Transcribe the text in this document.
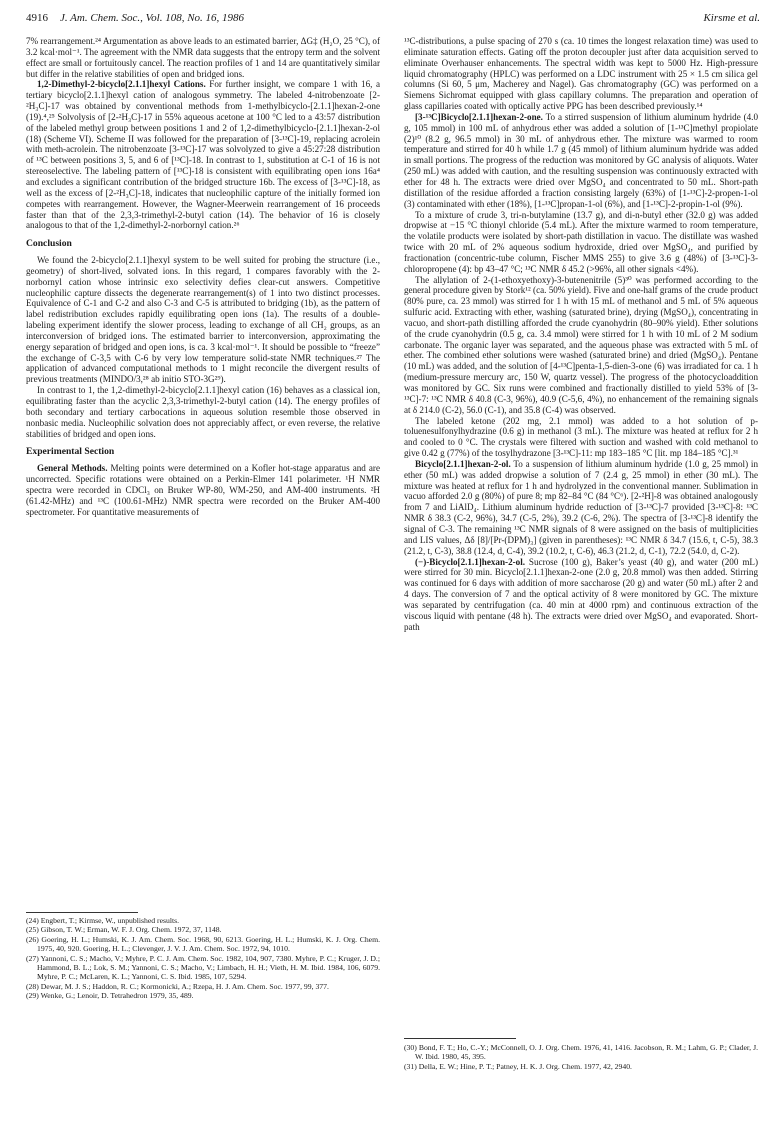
4916 J. Am. Chem. Soc., Vol. 108, No. 16, 1986	Kirsme et al.

7% rearrangement.²⁴ Argumentation as above leads to an estimated barrier, ΔG‡ (H₂O, 25 °C), of 3.2 kcal·mol⁻¹. The agreement with the NMR data suggests that the entropy term and the solvent effect are small or fortuitously cancel. The reaction profiles of 1 and 14 are quantitatively similar but differ in the relative stabilities of open and bridged ions.

1,2-Dimethyl-2-bicyclo[2.1.1]hexyl Cations. For further insight, we compare 1 with 16, a tertiary bicyclo[2.1.1]hexyl cation of analogous symmetry. The labeled 4-nitrobenzoate [2-²H₃C]-17 was obtained by conventional methods from 1-methylbicyclo-[2.1.1]hexan-2-one (19).⁴,²⁵ Solvolysis of [2-²H₃C]-17 in 55% aqueous acetone at 100 °C led to a 43:57 distribution of the labeled methyl group between positions 1 and 2 of 1,2-dimethylbicyclo-[2.1.1]hexan-2-ol (18) (Scheme VI). Scheme II was followed for the preparation of [3-¹³C]-19, replacing acrolein with meth-acrolein. The nitrobenzoate [3-¹³C]-17 was solvolyzed to give a 45:27:28 distribution of ¹³C between positions 3, 5, and 6 of [¹³C]-18. In contrast to 1, substitution at C-1 of 16 is not stereoselective. The labeling pattern of [¹³C]-18 is consistent with equilibrating open ions 16a⁴ and excludes a significant contribution of the bridged structure 16b. The excess of [3-¹³C]-18, as well as the excess of [2-²H₃C]-18, indicates that nucleophilic capture of the initially formed ion competes with rearrangement. However, the Wagner-Meerwein rearrangement of 16 proceeds faster than that of the 2,3,3-trimethyl-2-butyl cation (14). The behavior of 16 is closely analogous to that of the 1,2-dimethyl-2-norbornyl cation.²⁶

Conclusion

We found the 2-bicyclo[2.1.1]hexyl system to be well suited for probing the structure (i.e., geometry) of short-lived, solvated ions. In this regard, 1 compares favorably with the 2-norbornyl cation whose intrinsic exo selectivity defies clear-cut answers. Competitive nucleophilic capture dissects the degenerate rearrangement(s) of 1 into two distinct processes. Equivalence of C-1 and C-2 and also C-3 and C-5 is attributed to bridging (1b), as the pattern of label redistribution excludes rapidly equilibrating open ions (1a). The results of a double-labeling experiment identify the slower process, leading to exchange of all CH₂ groups, as an interconversion of bridged ions. The estimated barrier to interconversion, approximating the energy separation of bridged and open ions, is ca. 3 kcal·mol⁻¹. It should be possible to “freeze” the exchange of C-3,5 with C-6 by very low temperature solid-state NMR techniques.²⁷ The application of advanced computational methods to 1 might reconcile the divergent results of previous treatments (MINDO/3,²⁸ ab initio STO-3G²⁹).

In contrast to 1, the 1,2-dimethyl-2-bicyclo[2.1.1]hexyl cation (16) behaves as a classical ion, equilibrating faster than the acyclic 2,3,3-trimethyl-2-butyl cation (14). The energy profiles of both secondary and tertiary carbocations in aqueous solution resemble those observed in nonbasic media. Nucleophilic solvation does not appreciably affect, or even reverse, the relative stabilities of bridged and open ions.

Experimental Section

General Methods. Melting points were determined on a Kofler hot-stage apparatus and are uncorrected. Specific rotations were obtained on a Perkin-Elmer 141 polarimeter. ¹H NMR spectra were recorded in CDCl₃ on Bruker WP-80, WM-250, and AM-400 instruments. ²H (61.42-MHz) and ¹³C (100.61-MHz) NMR spectra were recorded on the Bruker AM-400 spectrometer. For quantitative measurements of

(24) Engbert, T.; Kirmse, W., unpublished results.

(25) Gibson, T. W.; Erman, W. F. J. Org. Chem. 1972, 37, 1148.

(26) Goering, H. L.; Humski, K. J. Am. Chem. Soc. 1968, 90, 6213. Goering, H. L.; Humski, K. J. Org. Chem. 1975, 40, 920. Goering, H. L.; Clevenger, J. V. J. Am. Chem. Soc. 1972, 94, 1010.

(27) Yannoni, C. S.; Macho, V.; Myhre, P. C. J. Am. Chem. Soc. 1982, 104, 907, 7380. Myhre, P. C.; Kruger, J. D.; Hammond, B. L.; Lok, S. M.; Yannoni, C. S.; Macho, V.; Limbach, H. H.; Vieth, H. M. Ibid. 1984, 106, 6079. Myhre, P. C.; McLaren, K. L.; Yannoni, C. S. Ibid. 1985, 107, 5294.

(28) Dewar, M. J. S.; Haddon, R. C.; Kormonicki, A.; Rzepa, H. J. Am. Chem. Soc. 1977, 99, 377.

(29) Wenke, G.; Lenoir, D. Tetrahedron 1979, 35, 489.

¹³C-distributions, a pulse spacing of 270 s (ca. 10 times the longest relaxation time) was used to eliminate saturation effects. Gating off the proton decoupler just after data acquisition served to eliminate Overhauser enhancements. The spectral width was kept to 5000 Hz. High-pressure liquid chromatography (HPLC) was performed on a LDC instrument with 25 × 1.5 cm silica gel columns (Si 60, 5 μm, Macherey and Nagel). Gas chromatography (GC) was performed on a Siemens Sichromat equipped with glass capillary columns. The preparation and operation of glass capillaries coated with optically active PPG has been described previously.¹⁴

[3-¹³C]Bicyclo[2.1.1]hexan-2-one. To a stirred suspension of lithium aluminum hydride (4.0 g, 105 mmol) in 100 mL of anhydrous ether was added a solution of [1-¹³C]methyl propiolate (2)¹⁰ (8.2 g, 96.5 mmol) in 30 mL of anhydrous ether. The mixture was warmed to room temperature and stirred for 40 h while 1.7 g (45 mmol) of lithium aluminum hydride was added in small portions. The progress of the reduction was monitored by GC analysis of aliquots. Water (250 mL) was added with caution, and the resulting suspension was continuously extracted with ether for 48 h. The extracts were dried over MgSO₄ and concentrated to 50 mL. Short-path distillation of the residue afforded a fraction consisting largely (63%) of [1-¹³C]-2-propen-1-ol (3) contaminated with ether (18%), [1-¹³C]propan-1-ol (6%), and [1-¹³C]-2-propin-1-ol (9%).

To a mixture of crude 3, tri-n-butylamine (13.7 g), and di-n-butyl ether (32.0 g) was added dropwise at −15 °C thionyl chloride (5.4 mL). After the mixture warmed to room temperature, the volatile products were isolated by short-path distillation in vacuo. The distillate was washed twice with 20 mL of 2% aqueous sodium hydroxide, dried over MgSO₄, and purified by fractionation (concentric-tube column, Fischer MMS 255) to give 3.6 g (48%) of [3-¹³C]-3-chloropropene (4): bp 43–47 °C; ¹³C NMR δ 45.2 (>96%, all other signals <4%).

The allylation of 2-(1-ethoxyethoxy)-3-butenenitrile (5)³⁰ was performed according to the general procedure given by Stork¹² (ca. 50% yield). Five and one-half grams of the crude product (80% pure, ca. 23 mmol) was stirred for 1 h with 15 mL of methanol and 5 mL of 5% aqueous sulfuric acid. Extracting with ether, washing (saturated brine), drying (MgSO₄), concentrating in vacuo, and short-path distilling afforded the crude cyanohydrin (80–90% yield). Ether solutions of the crude cyanohydrin (0.5 g, ca. 3.4 mmol) were stirred for 1 h with 10 mL of 2 M sodium carbonate. The organic layer was separated, and the aqueous phase was extracted with 5 mL of ether. The combined ether solutions were washed (saturated brine) and dried (MgSO₄). Pentane (10 mL) was added, and the solution of [4-¹³C]penta-1,5-dien-3-one (6) was irradiated for ca. 1 h (medium-pressure mercury arc, 150 W, quartz vessel). The progress of the photocycloaddition was monitored by GC. Six runs were combined and fractionally distilled to yield 53% of [3-¹³C]-7: ¹³C NMR δ 40.8 (C-3, 96%), 40.9 (C-5,6, 4%), no enhancement of the remaining signals at δ 214.0 (C-2), 56.0 (C-1), and 35.8 (C-4) was observed.

The labeled ketone (202 mg, 2.1 mmol) was added to a hot solution of p-toluenesulfonylhydrazine (0.6 g) in methanol (3 mL). The mixture was heated at reflux for 2 h and cooled to 0 °C. The crystals were filtered with suction and washed with cold methanol to give 0.42 g (77%) of the tosylhydrazone [3-¹³C]-11: mp 183–185 °C [lit. mp 184–185 °C].³¹

Bicyclo[2.1.1]hexan-2-ol. To a suspension of lithium aluminum hydride (1.0 g, 25 mmol) in ether (50 mL) was added dropwise a solution of 7 (2.4 g, 25 mmol) in ether (30 mL). The mixture was heated at reflux for 1 h and hydrolyzed in the conventional manner. Sublimation in vacuo afforded 2.0 g (80%) of pure 8; mp 82–84 °C (84 °C⁶). [2-²H]-8 was obtained analogously from 7 and LiAlD₄. Lithium aluminum hydride reduction of [3-¹³C]-7 provided [3-¹³C]-8: ¹³C NMR δ 38.3 (C-2, 96%), 34.7 (C-5, 2%), 39.2 (C-6, 2%). The spectra of [3-¹³C]-8 identify the signal of C-3. The remaining ¹³C NMR signals of 8 were assigned on the basis of multiplicities and LIS values, Δδ [8]/[Pr-(DPM)₃] (given in parentheses): ¹³C NMR δ 34.7 (15.6, t, C-5), 38.3 (21.2, t, C-3), 38.8 (12.4, d, C-4), 39.2 (10.2, t, C-6), 46.3 (21.2, d, C-1), 72.2 (54.0, d, C-2).

(−)-Bicyclo[2.1.1]hexan-2-ol. Sucrose (100 g), Baker’s yeast (40 g), and water (200 mL) were stirred for 30 min. Bicyclo[2.1.1]hexan-2-one (2.0 g, 20.8 mmol) was then added. Stirring was continued for 6 days with addition of more saccharose (20 g) and water (50 mL) after 2 and 4 days. The conversion of 7 and the optical activity of 8 were monitored by GC. The mixture was separated by centrifugation (ca. 40 min at 4000 rpm) and continuous extraction of the viscous liquid with pentane (48 h). The extracts were dried over MgSO₄ and evaporated. Short-path

(30) Bond, F. T.; Ho, C.-Y.; McConnell, O. J. Org. Chem. 1976, 41, 1416. Jacobson, R. M.; Lahm, G. P.; Clader, J. W. Ibid. 1980, 45, 395.

(31) Della, E. W.; Hine, P. T.; Patney, H. K. J. Org. Chem. 1977, 42, 2940.
